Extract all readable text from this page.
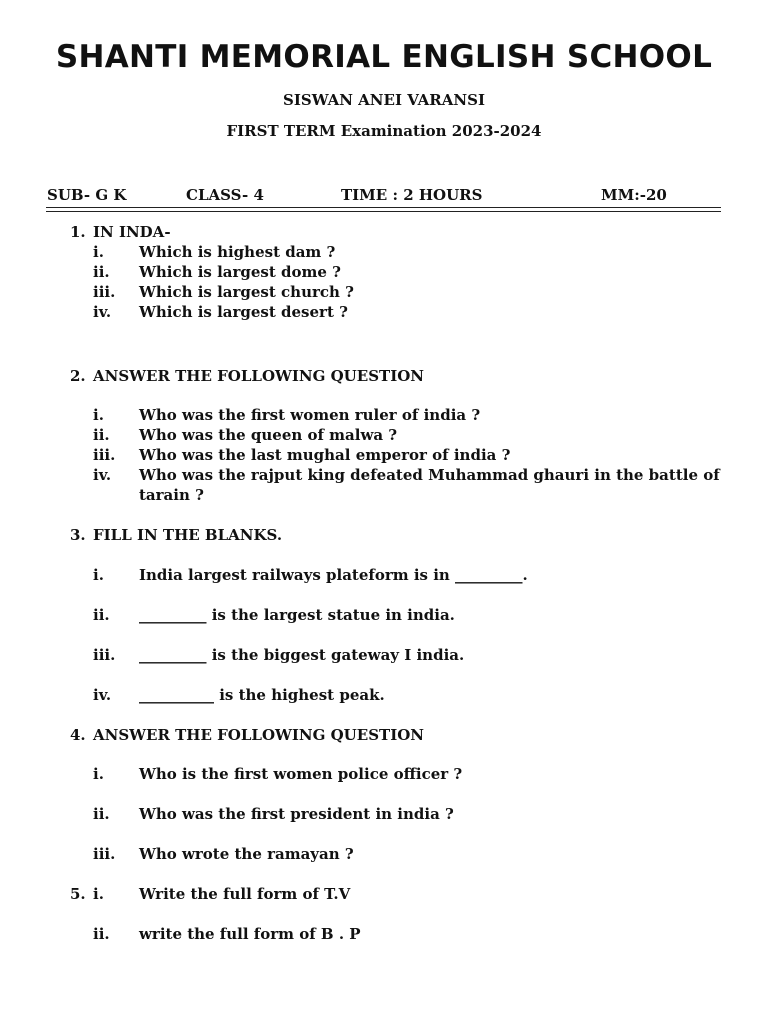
SHANTI MEMORIAL ENGLISH SCHOOL
SISWAN ANEI VARANSI
FIRST TERM Examination 2023-2024
SUB- G K	CLASS- 4	TIME : 2 HOURS	MM:-20
1. IN INDA-
i. Which is highest dam ?
ii. Which is largest dome ?
iii. Which is largest church ?
iv. Which is largest desert ?
2. ANSWER THE FOLLOWING QUESTION
i. Who was the first women ruler of india ?
ii. Who was the queen of malwa ?
iii. Who was the last mughal emperor of india ?
iv. Who was the rajput king defeated Muhammad ghauri in the battle of
tarain ?
3. FILL IN THE BLANKS.
i. India largest railways plateform is in _________.
ii. _________ is the largest statue in india.
iii. _________ is the biggest gateway I india.
iv. __________ is the highest peak.
4. ANSWER THE FOLLOWING QUESTION
i. Who is the first women police officer ?
ii. Who was the first president in india ?
iii. Who wrote the ramayan ?
5. i. Write the full form of T.V
ii. write the full form of B . P
